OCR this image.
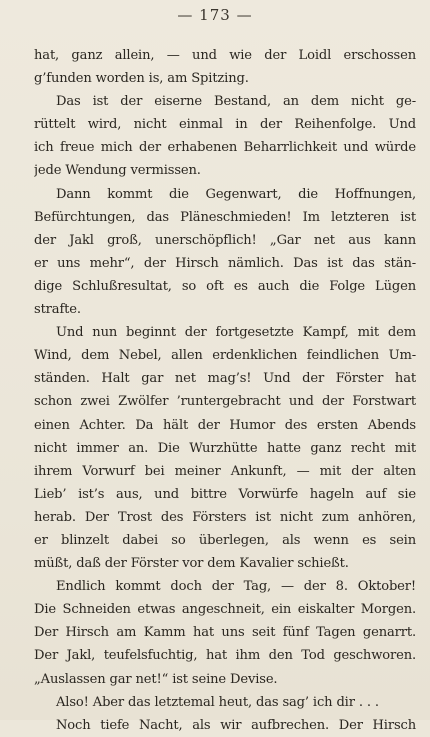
— 173 —
hat, ganz allein, — und wie der Loidl erschossen
g’funden worden is, am Spitzing.
Das ist der eiserne Bestand, an dem nicht ge-
rüttelt wird, nicht einmal in der Reihenfolge. Und
ich freue mich der erhabenen Beharrlichkeit und würde
jede Wendung vermissen.
Dann kommt die Gegenwart, die Hoffnungen,
Befürchtungen, das Pläneschmieden! Im letzteren ist
der Jakl groß, unerschöpflich! „Gar net aus kann
er uns mehr“, der Hirsch nämlich. Das ist das stän-
dige Schlußresultat, so oft es auch die Folge Lügen
strafte.
Und nun beginnt der fortgesetzte Kampf, mit dem
Wind, dem Nebel, allen erdenklichen feindlichen Um-
ständen. Halt gar net mag’s! Und der Förster hat
schon zwei Zwölfer ’runtergebracht und der Forstwart
einen Achter. Da hält der Humor des ersten Abends
nicht immer an. Die Wurzhütte hatte ganz recht mit
ihrem Vorwurf bei meiner Ankunft, — mit der alten
Lieb’ ist’s aus, und bittre Vorwürfe hageln auf sie
herab. Der Trost des Försters ist nicht zum anhören,
er blinzelt dabei so überlegen, als wenn es sein
müßt, daß der Förster vor dem Kavalier schießt.
Endlich kommt doch der Tag, — der 8. Oktober!
Die Schneiden etwas angeschneit, ein eiskalter Morgen.
Der Hirsch am Kamm hat uns seit fünf Tagen genarrt.
Der Jakl, teufelsfuchtig, hat ihm den Tod geschworen.
„Auslassen gar net!“ ist seine Devise.
Also! Aber das letztemal heut, das sag’ ich dir . . .
Noch tiefe Nacht, als wir aufbrechen. Der Hirsch
